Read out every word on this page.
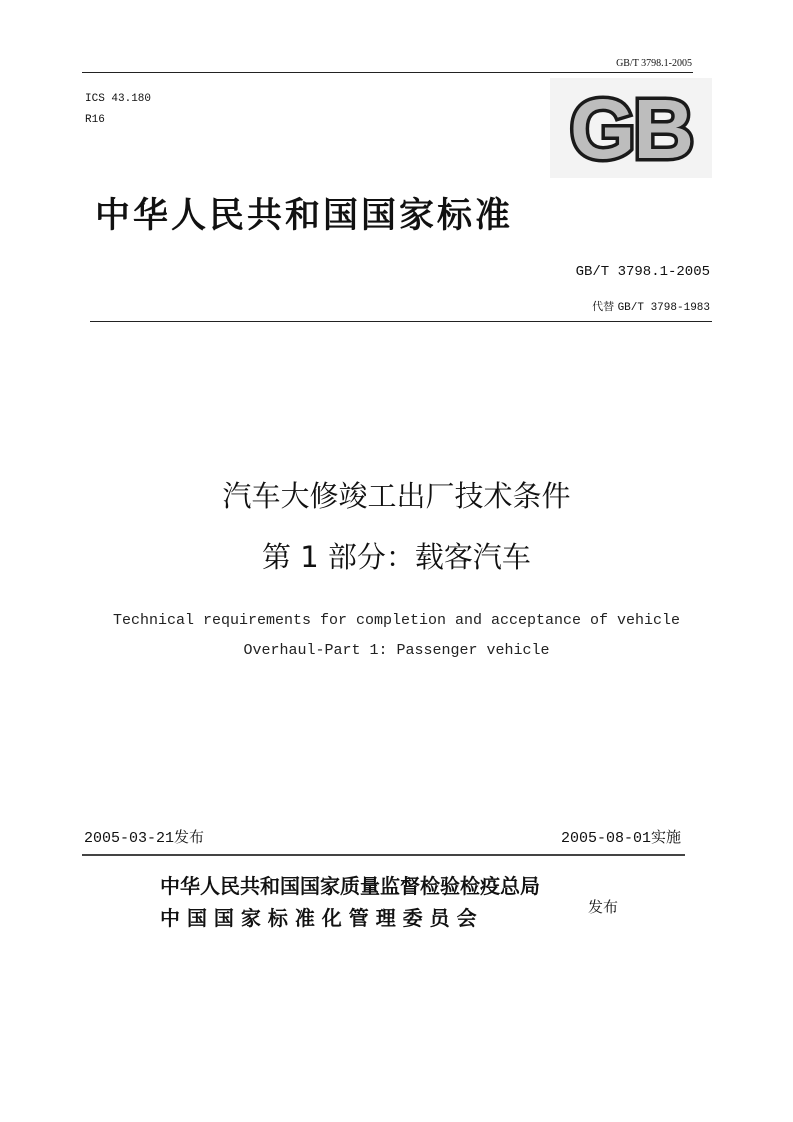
GB/T 3798.1-2005
ICS 43.180
R16	GB
中华人民共和国国家标准
GB/T 3798.1-2005
代替 GB/T 3798-1983
汽车大修竣工出厂技术条件
第 1 部分：载客汽车
Technical requirements for completion and acceptance of vehicle
Overhaul-Part 1: Passenger vehicle
2005-03-21发布	2005-08-01实施
中华人民共和国国家质量监督检验检疫总局
中 国 国 家 标 准 化 管 理 委 员 会	发布
